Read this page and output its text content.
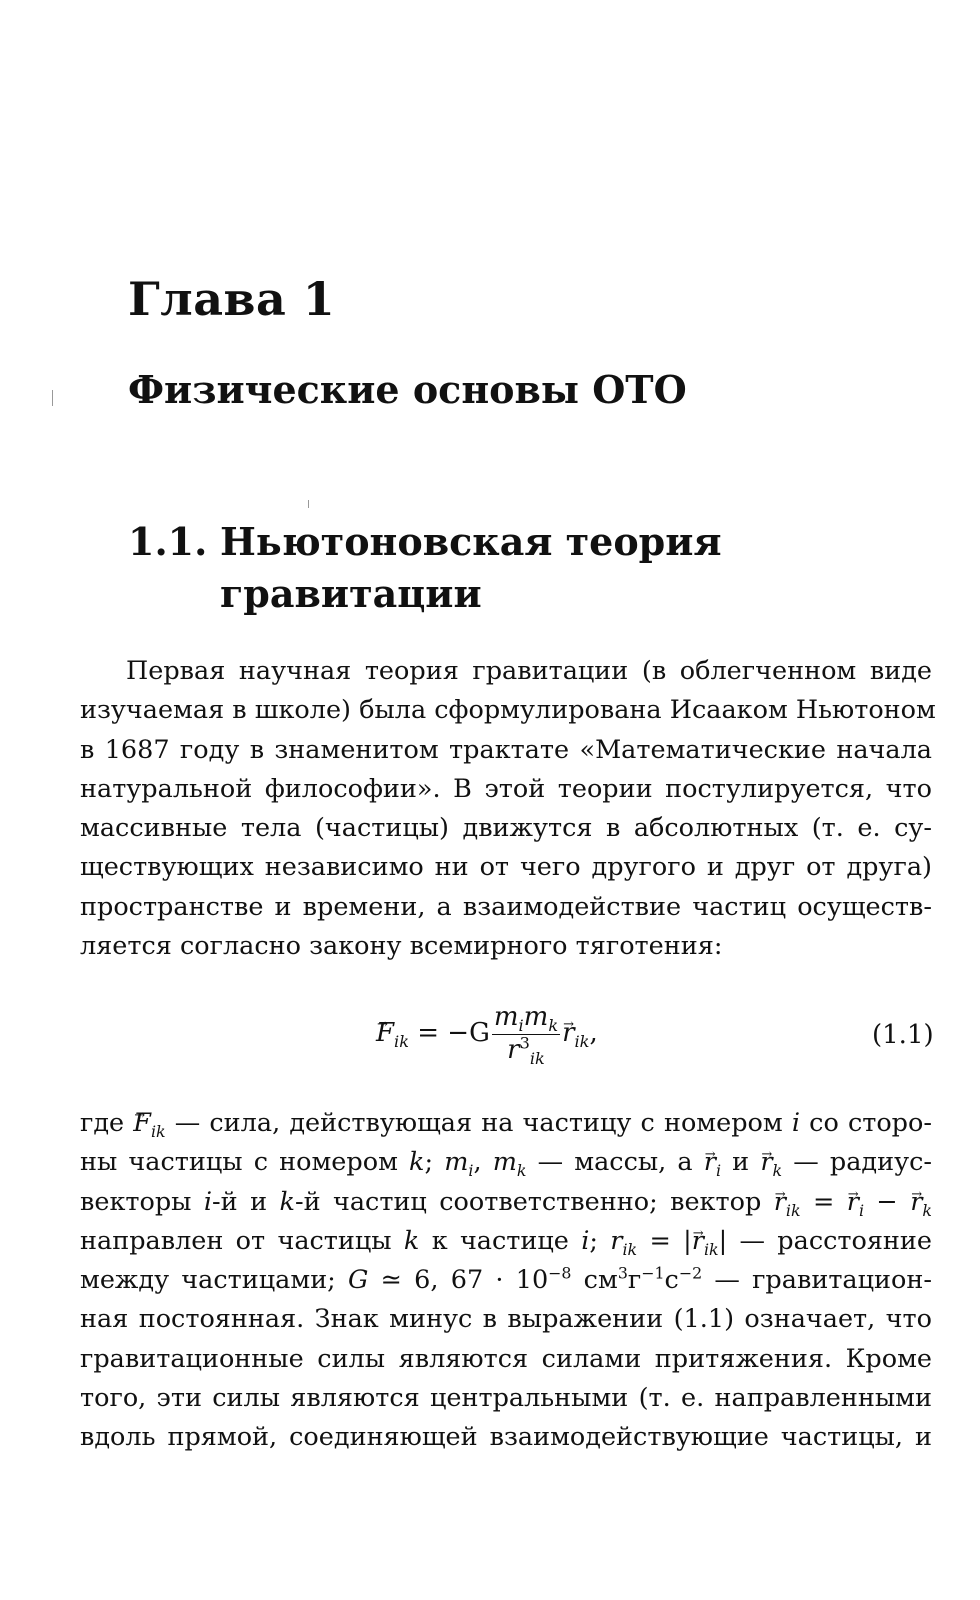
Глава 1
Физические основы ОТО
1.1. Ньютоновская теория
гравитации
Первая научная теория гравитации (в облегченном виде
изучаемая в школе) была сформулирована Исааком Ньютоном
в 1687 году в знаменитом трактате «Математические начала
натуральной философии». В этой теории постулируется, что
массивные тела (частицы) движутся в абсолютных (т. е. су-
ществующих независимо ни от чего другого и друг от друга)
пространстве и времени, а взаимодействие частиц осуществ-
ляется согласно закону всемирного тяготения:
→ $F_{ik} = -G \frac{m_im_k}{r^3_{ik}}$
→ $r_{ik}$,	(1.1)
где → $F_{ik}$ — сила, действующая на частицу с номером i со сторо-
ны частицы с номером k; $m_i$, $m_k$ — массы, $а \to r_i$ $и \to r_k$ — радиус-
векторы i-й и k-й частиц соответственно; вектор → $r_{ik}$ = → $r_i$ − → $r_k$
направлен от частицы k к частице i; $r_{ik}$ = |→ $r_{ik}|$ — расстояние
между частицами; G ≃ 6, $67 \cdot 10^{-8}$ $см^3г^{-1}с^{-2}$ — гравитацион-
ная постоянная. Знак минус в выражении (1.1) означает, что
гравитационные силы являются силами притяжения. Кроме
того, эти силы являются центральными (т. е. направленными
вдоль прямой, соединяющей взаимодействующие частицы, и
